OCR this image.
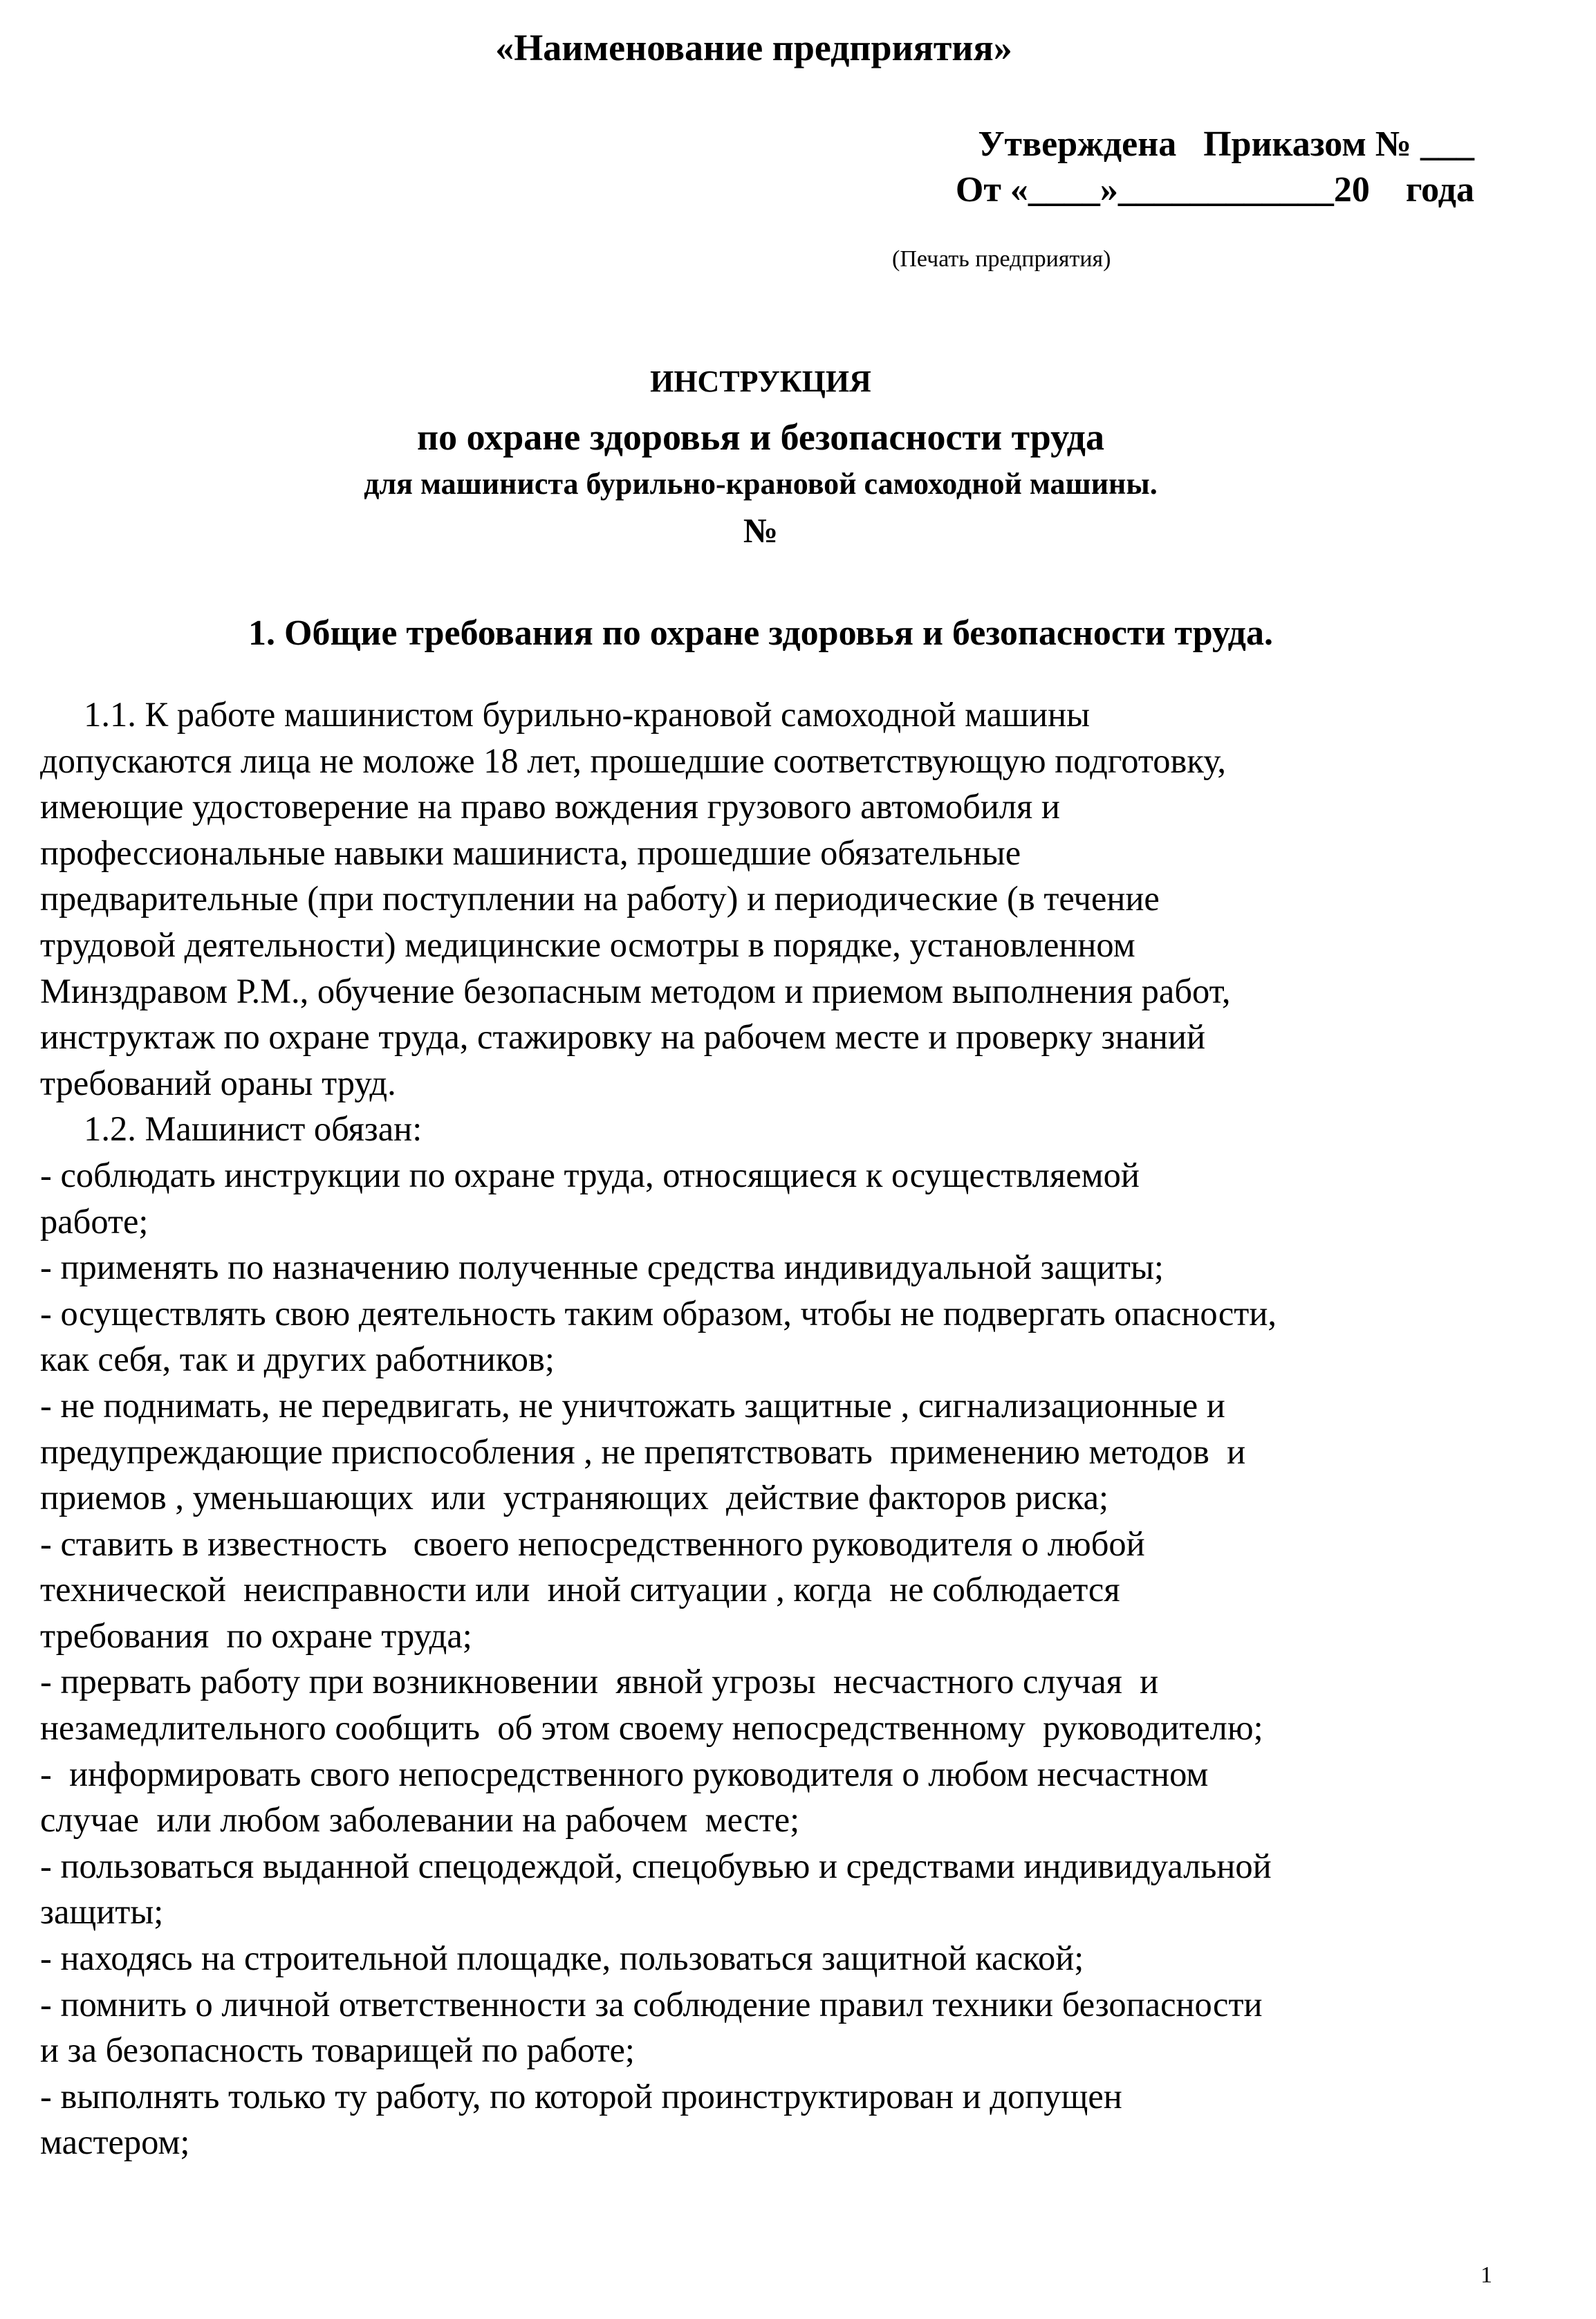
«Наименование предприятия»
Утверждена   Приказом № ___
От «____»____________20    года
(Печать предприятия)
ИНСТРУКЦИЯ
по охране здоровья и безопасности труда
для машиниста бурильно-крановой самоходной машины.
№
1. Общие требования по охране здоровья и безопасности труда.

1.1. К работе машинистом бурильно-крановой самоходной машины

допускаются лица не моложе 18 лет, прошедшие соответствующую подготовку,

имеющие удостоверение на право вождения грузового автомобиля и

профессиональные навыки машиниста, прошедшие обязательные

предварительные (при поступлении на работу) и периодические (в течение

трудовой деятельности) медицинские осмотры в порядке, установленном

Минздравом Р.М., обучение безопасным методом и приемом выполнения работ,

инструктаж по охране труда, стажировку на рабочем месте и проверку знаний

требований ораны труд.

1.2. Машинист обязан:

- соблюдать инструкции по охране труда, относящиеся к осуществляемой

работе;

- применять по назначению полученные средства индивидуальной защиты;

- осуществлять свою деятельность таким образом, чтобы не подвергать опасности,

как себя, так и других работников;

- не поднимать, не передвигать, не уничтожать защитные , сигнализационные и

предупреждающие приспособления , не препятствовать  применению методов  и

приемов , уменьшающих  или  устраняющих  действие факторов риска;

- ставить в известность   своего непосредственного руководителя о любой

технической  неисправности или  иной ситуации , когда  не соблюдается

требования  по охране труда;

- прервать работу при возникновении  явной угрозы  несчастного случая  и

незамедлительного сообщить  об этом своему непосредственному  руководителю;

-  информировать свого непосредственного руководителя о любом несчастном

случае  или любом заболевании на рабочем  месте;

- пользоваться выданной спецодеждой, спецобувью и средствами индивидуальной

защиты;

- находясь на строительной площадке, пользоваться защитной каской;

- помнить о личной ответственности за соблюдение правил техники безопасности

и за безопасность товарищей по работе;

- выполнять только ту работу, по которой проинструктирован и допущен

мастером;

1
